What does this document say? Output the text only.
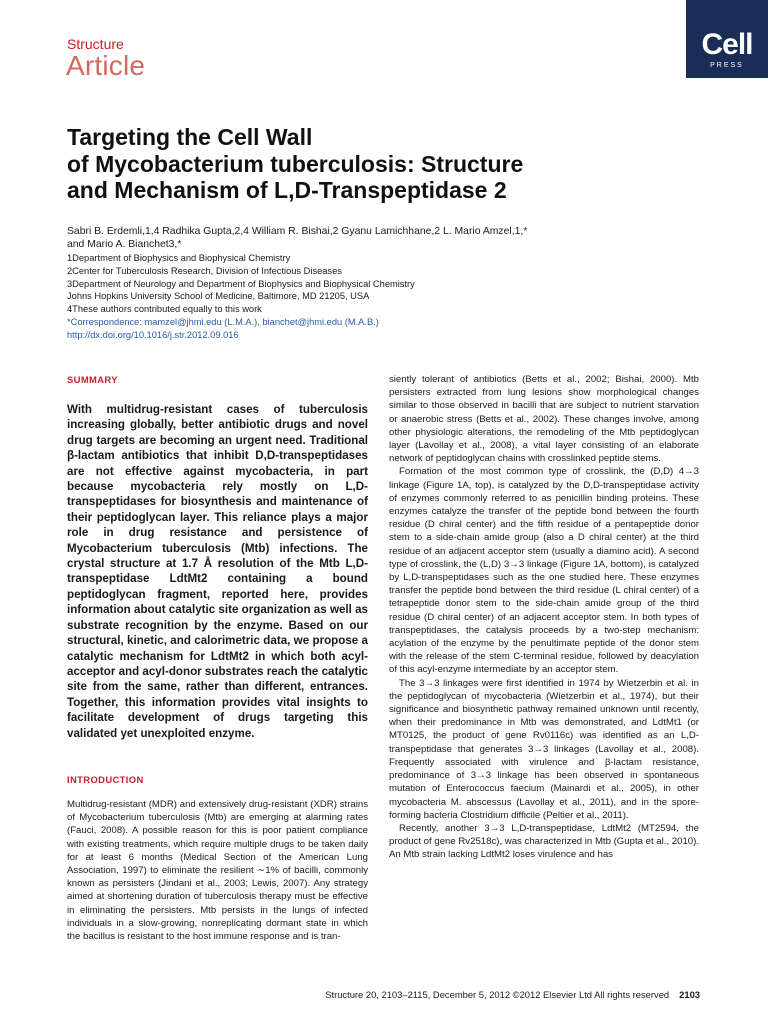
Structure
Article
Cell
PRESS
Targeting the Cell Wall
of Mycobacterium tuberculosis: Structure
and Mechanism of L,D-Transpeptidase 2
Sabri B. Erdemli,1,4 Radhika Gupta,2,4 William R. Bishai,2 Gyanu Lamichhane,2 L. Mario Amzel,1,*
and Mario A. Bianchet3,*
1Department of Biophysics and Biophysical Chemistry
2Center for Tuberculosis Research, Division of Infectious Diseases
3Department of Neurology and Department of Biophysics and Biophysical Chemistry
Johns Hopkins University School of Medicine, Baltimore, MD 21205, USA
4These authors contributed equally to this work
*Correspondence: mamzel@jhmi.edu (L.M.A.), bianchet@jhmi.edu (M.A.B.)
http://dx.doi.org/10.1016/j.str.2012.09.016
SUMMARY
With multidrug-resistant cases of tuberculosis increasing globally, better antibiotic drugs and novel drug targets are becoming an urgent need. Traditional β-lactam antibiotics that inhibit D,D-transpeptidases are not effective against mycobacteria, in part because mycobacteria rely mostly on L,D-transpeptidases for biosynthesis and maintenance of their peptidoglycan layer. This reliance plays a major role in drug resistance and persistence of Mycobacterium tuberculosis (Mtb) infections. The crystal structure at 1.7 Å resolution of the Mtb L,D-transpeptidase LdtMt2 containing a bound peptidoglycan fragment, reported here, provides information about catalytic site organization as well as substrate recognition by the enzyme. Based on our structural, kinetic, and calorimetric data, we propose a catalytic mechanism for LdtMt2 in which both acyl-acceptor and acyl-donor substrates reach the catalytic site from the same, rather than different, entrances. Together, this information provides vital insights to facilitate development of drugs targeting this validated yet unexploited enzyme.
INTRODUCTION
Multidrug-resistant (MDR) and extensively drug-resistant (XDR) strains of Mycobacterium tuberculosis (Mtb) are emerging at alarming rates (Fauci, 2008). A possible reason for this is poor patient compliance with existing treatments, which require multiple drugs to be taken daily for at least 6 months (Medical Section of the American Lung Association, 1997) to eliminate the resilient ∼1% of bacilli, commonly known as persisters (Jindani et al., 2003; Lewis, 2007). Any strategy aimed at shortening duration of tuberculosis therapy must be effective in eliminating the persisters. Mtb persists in the lungs of infected individuals in a slow-growing, nonreplicating dormant state in which the bacillus is resistant to the host immune response and is tran-

siently tolerant of antibiotics (Betts et al., 2002; Bishai, 2000). Mtb persisters extracted from lung lesions show morphological changes similar to those observed in bacilli that are subject to nutrient starvation or anaerobic stress (Betts et al., 2002). These changes involve, among other physiologic alterations, the remodeling of the Mtb peptidoglycan layer (Lavollay et al., 2008), a vital layer consisting of an elaborate network of peptidoglycan chains with crosslinked peptide stems.

Formation of the most common type of crosslink, the (D,D) 4→3 linkage (Figure 1A, top), is catalyzed by the D,D-transpeptidase activity of enzymes commonly referred to as penicillin binding proteins. These enzymes catalyze the transfer of the peptide bond between the fourth residue (D chiral center) and the fifth residue of a pentapeptide donor stem to a side-chain amide group (also a D chiral center) at the third residue of an adjacent acceptor stem (usually a diamino acid). A second type of crosslink, the (L,D) 3→3 linkage (Figure 1A, bottom), is catalyzed by L,D-transpeptidases such as the one studied here. These enzymes transfer the peptide bond between the third residue (L chiral center) of a tetrapeptide donor stem to the side-chain amide group of the third residue (D chiral center) of an adjacent acceptor stem. In both types of transpeptidases, the catalysis proceeds by a two-step mechanism: acylation of the enzyme by the penultimate peptide of the donor stem with the release of the stem C-terminal residue, followed by deacylation of this acyl-enzyme intermediate by an acceptor stem.

The 3→3 linkages were first identified in 1974 by Wietzerbin et al. in the peptidoglycan of mycobacteria (Wietzerbin et al., 1974), but their significance and biosynthetic pathway remained unknown until recently, when their predominance in Mtb was demonstrated, and LdtMt1 (or MT0125, the product of gene Rv0116c) was identified as an L,D-transpeptidase that generates 3→3 linkages (Lavollay et al., 2008). Frequently associated with virulence and β-lactam resistance, predominance of 3→3 linkage has been observed in spontaneous mutation of Enterococcus faecium (Mainardi et al., 2005), in other mycobacteria M. abscessus (Lavollay et al., 2011), and in the spore-forming bacteria Clostridium difficile (Peltier et al., 2011).

Recently, another 3→3 L,D-transpeptidase, LdtMt2 (MT2594, the product of gene Rv2518c), was characterized in Mtb (Gupta et al., 2010). An Mtb strain lacking LdtMt2 loses virulence and has

Structure 20, 2103–2115, December 5, 2012 ©2012 Elsevier Ltd All rights reserved 2103
